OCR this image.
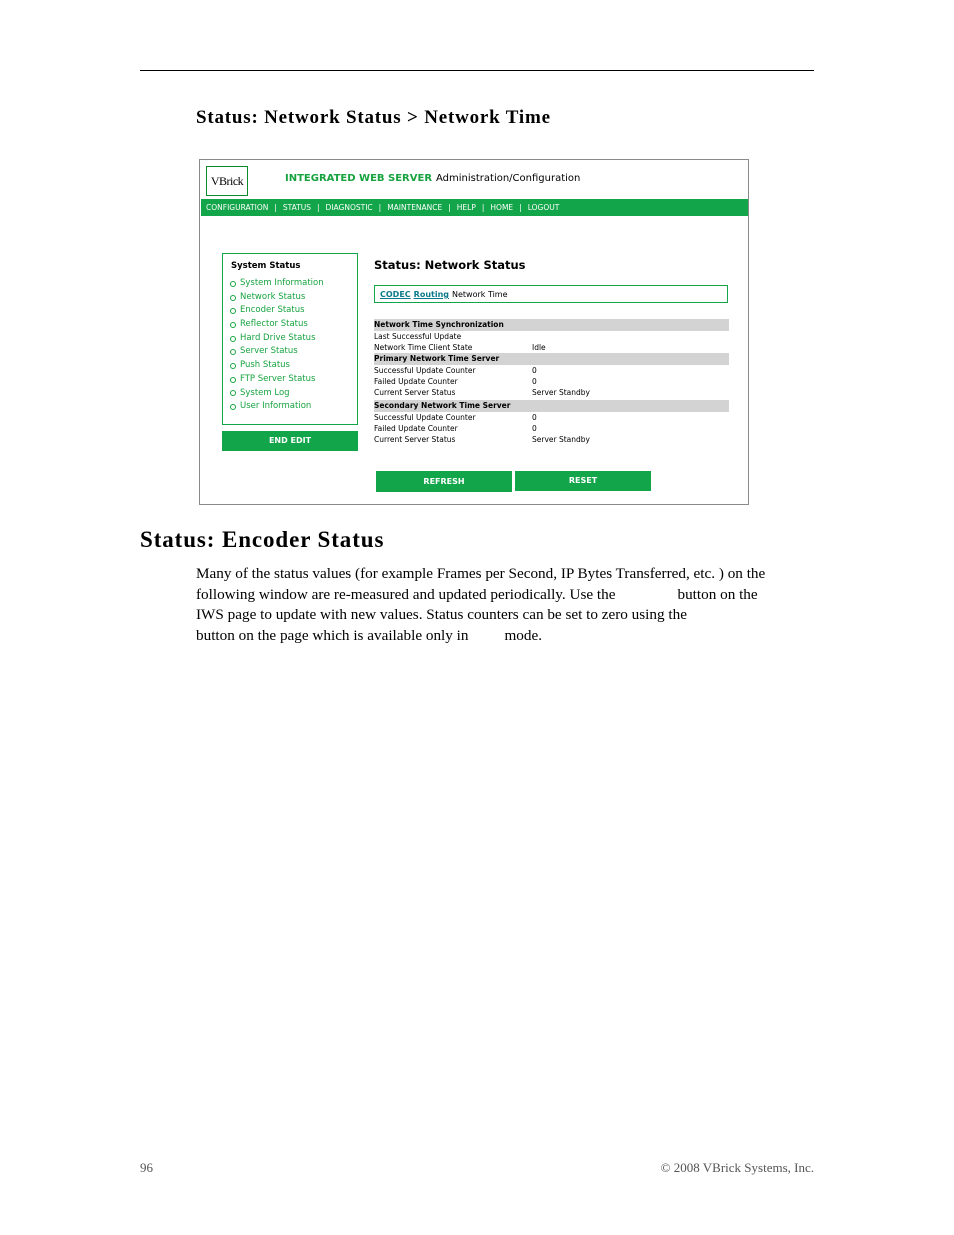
Status: Network Status > Network Time
VBrick	INTEGRATED WEB SERVER Administration/Configuration
CONFIGURATION | STATUS | DIAGNOSTIC | MAINTENANCE | HELP | HOME | LOGOUT
System Status
System Information
Network Status
Encoder Status
Reflector Status
Hard Drive Status
Server Status
Push Status
FTP Server Status
System Log
User Information
END EDIT
Status: Network Status
CODEC Routing Network Time
Network Time Synchronization
Last Successful Update
Network Time Client State	Idle
Primary Network Time Server
Successful Update Counter	0
Failed Update Counter	0
Current Server Status	Server Standby
Secondary Network Time Server
Successful Update Counter	0
Failed Update Counter	0
Current Server Status	Server Standby
REFRESH	RESET
Status: Encoder Status

Many of the status values (for example Frames per Second, IP Bytes Transferred, etc. ) on the
following window are re-measured and updated periodically. Use the	button on the
IWS page to update with new values. Status counters can be set to zero using the
button on the page which is available only in mode.

96	© 2008 VBrick Systems, Inc.
